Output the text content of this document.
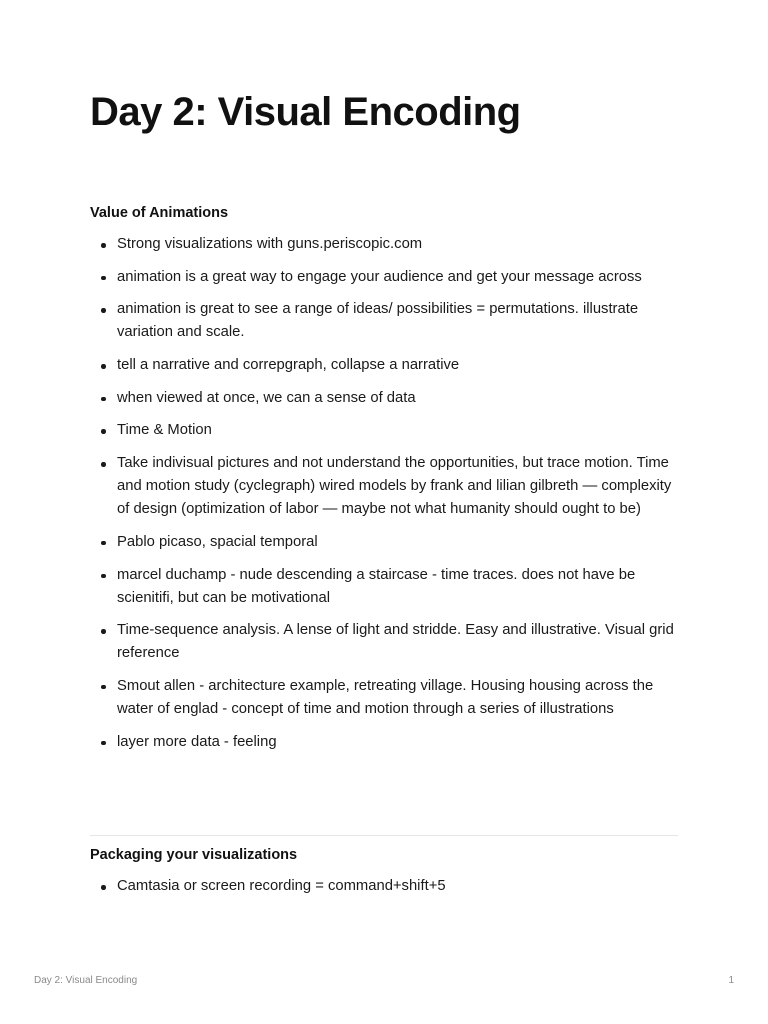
Day 2: Visual Encoding
Value of Animations
Strong visualizations with guns.periscopic.com
animation is a great way to engage your audience and get your message across
animation is great to see a range of ideas/ possibilities = permutations. illustrate variation and scale.
tell a narrative and correpgraph, collapse a narrative
when viewed at once, we can a sense of data
Time & Motion
Take indivisual pictures and not understand the opportunities, but trace motion. Time and motion study (cyclegraph) wired models by frank and lilian gilbreth — complexity of design (optimization of labor — maybe not what humanity should ought to be)
Pablo picaso, spacial temporal
marcel duchamp - nude descending a staircase - time traces. does not have be scienitifi, but can be motivational
Time-sequence analysis. A lense of light and stridde. Easy and illustrative. Visual grid reference
Smout allen - architecture example, retreating village. Housing housing across the water of englad - concept of time and motion through a series of illustrations
layer more data - feeling
Packaging your visualizations
Camtasia or screen recording = command+shift+5
Day 2: Visual Encoding	1
